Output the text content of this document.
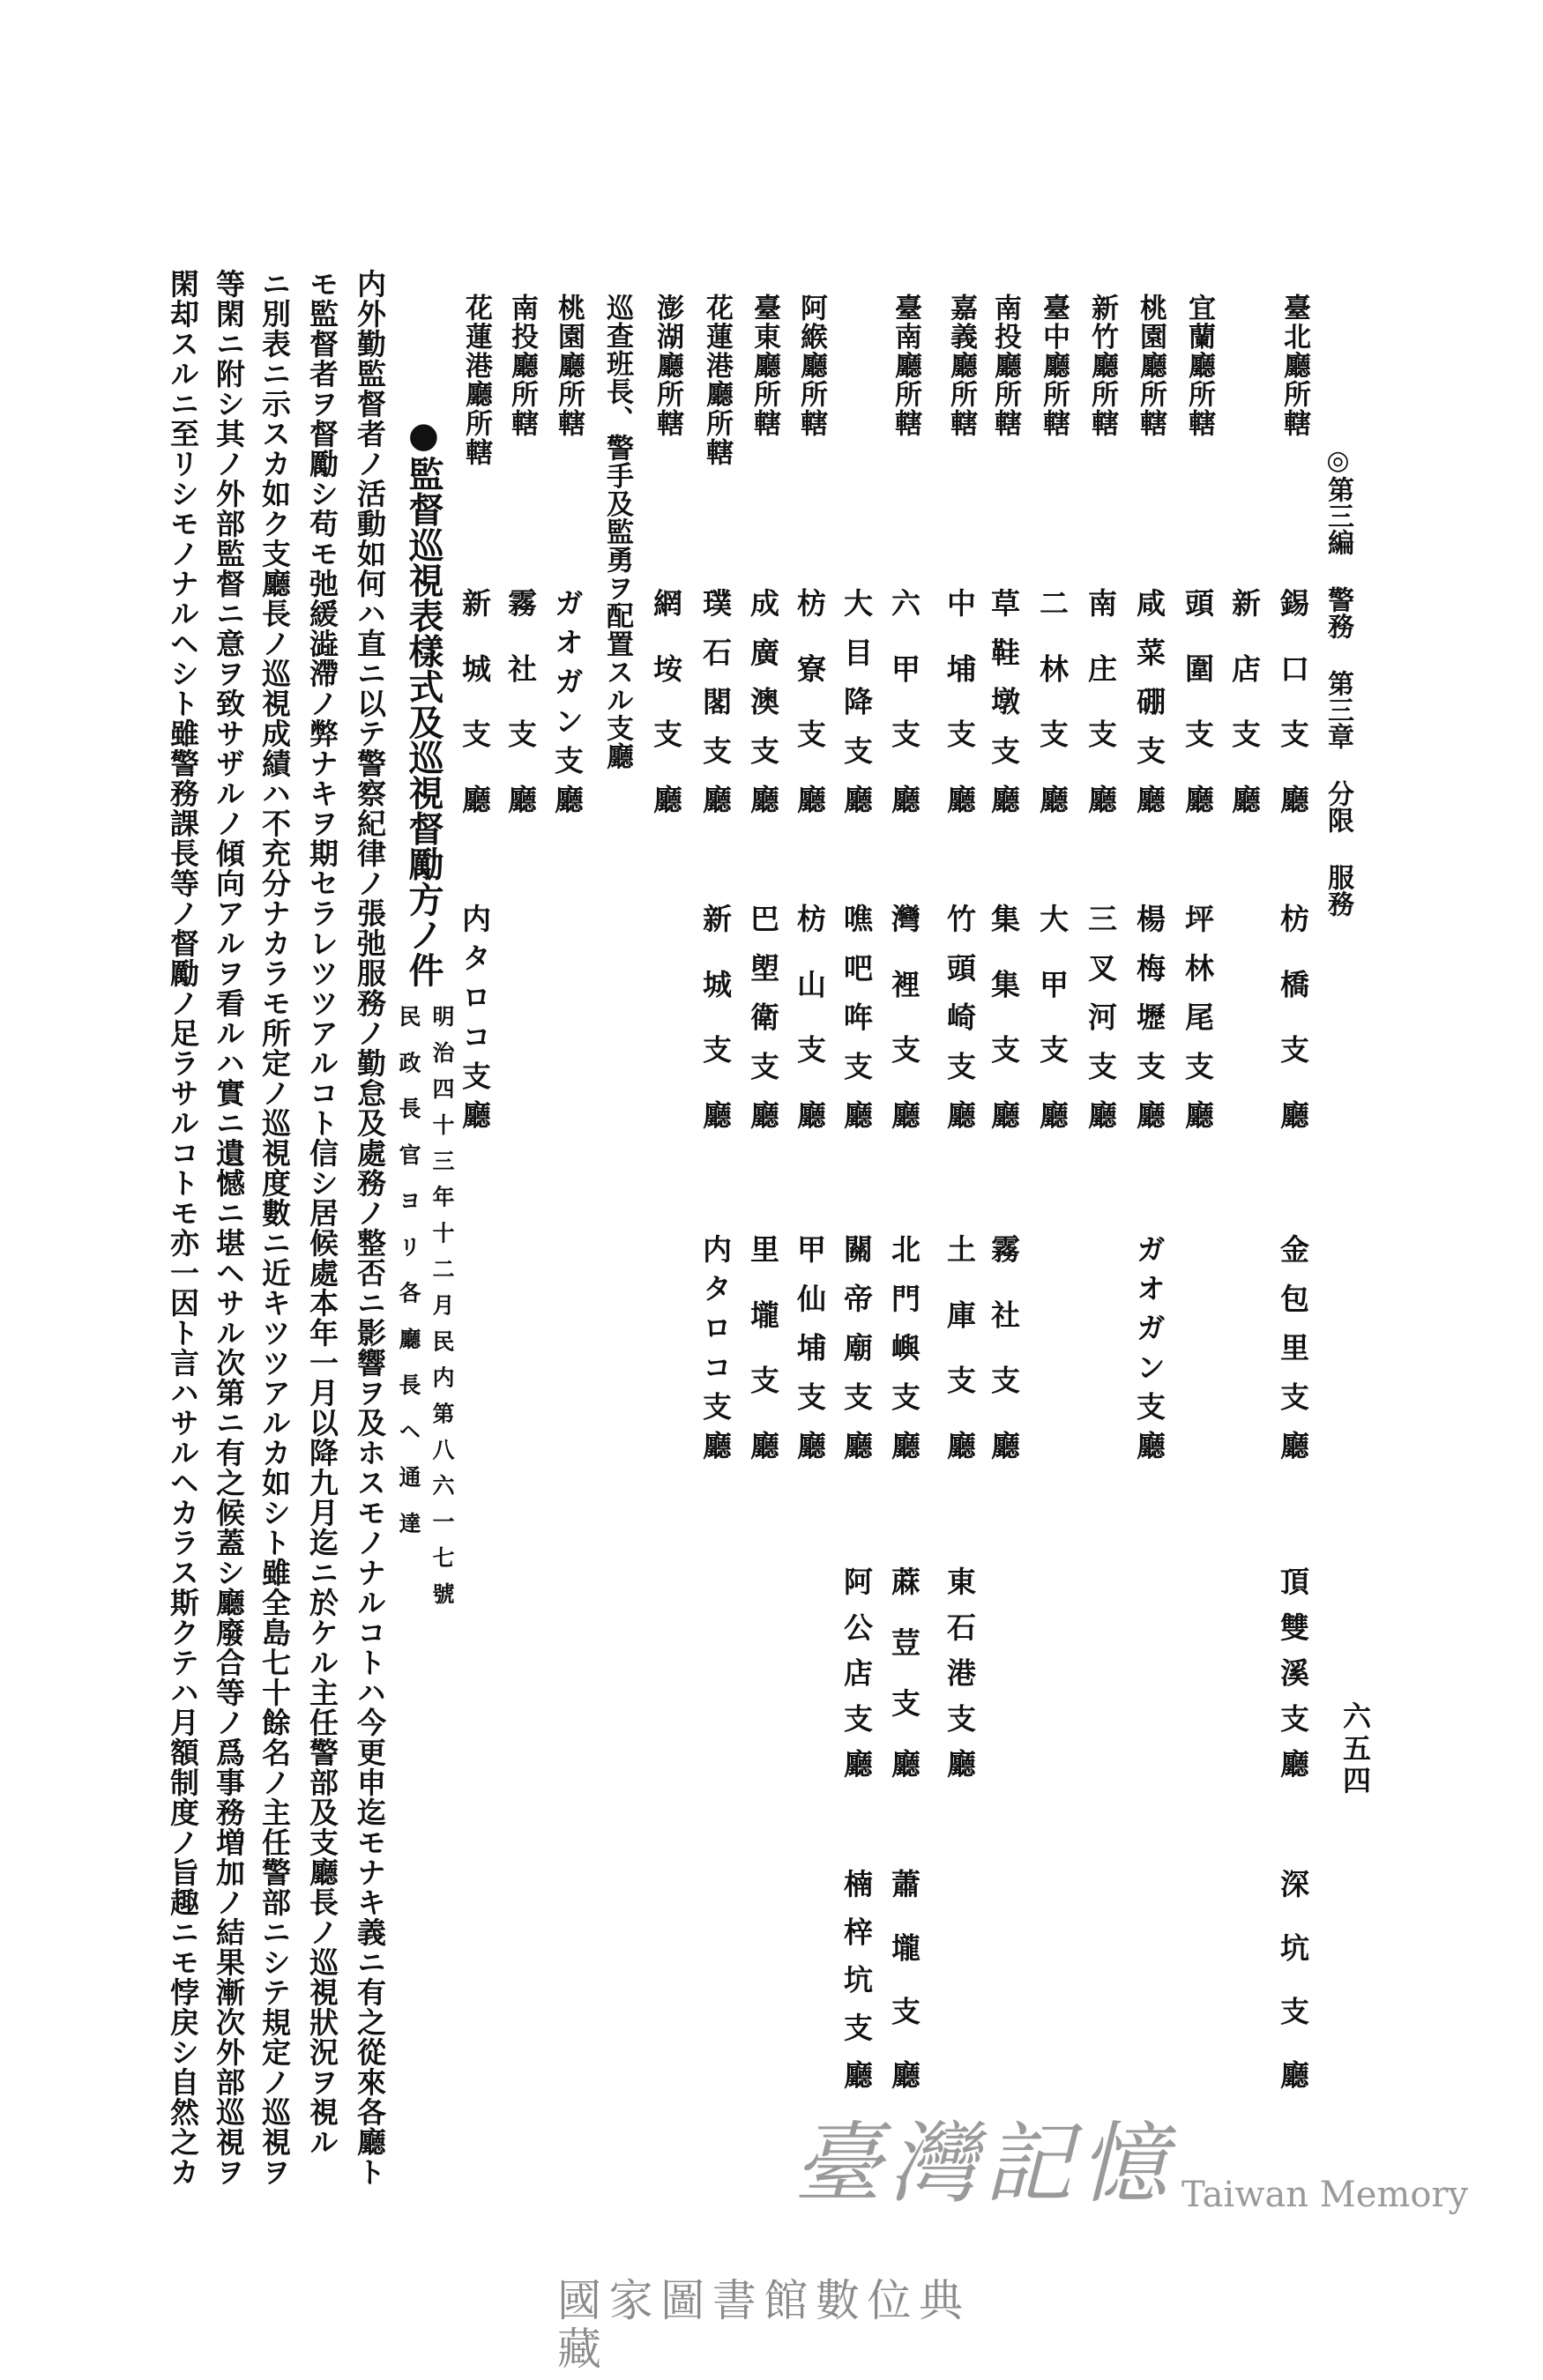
六五四
◎第三編 警務 第三章 分限 服務
臺北廳所轄
錫口支廳
枋橋支廳
金包里支廳
頂雙溪支廳
深坑支廳
新店支廳
宜蘭廳所轄
頭圍支廳
坪林尾支廳
桃園廳所轄
咸菜硼支廳
楊梅壢支廳
ガオガン支廳
新竹廳所轄
南庄支廳
三叉河支廳
臺中廳所轄
二林支廳
大甲支廳
南投廳所轄
草鞋墩支廳
集集支廳
霧社支廳
嘉義廳所轄
中埔支廳
竹頭崎支廳
土庫支廳
東石港支廳
臺南廳所轄
六甲支廳
灣裡支廳
北門嶼支廳
蔴荳支廳
蕭壠支廳
大目降支廳
噍吧哖支廳
關帝廟支廳
阿公店支廳
楠梓坑支廳
阿緱廳所轄
枋寮支廳
枋山支廳
甲仙埔支廳
臺東廳所轄
成廣澳支廳
巴塱衛支廳
里壠支廳
花蓮港廳所轄
璞石閣支廳
新城支廳
内タロコ支廳
澎湖廳所轄
網垵支廳
巡查班長、警手及監勇ヲ配置スル支廳
桃園廳所轄
ガオガン支廳
南投廳所轄
霧社支廳
花蓮港廳所轄
新城支廳
内タロコ支廳
●監督巡視表樣式及巡視督勵方ノ件
明治四十三年十二月民内第八六一七號
民政長官ヨリ各廳長ヘ通達
内外勤監督者ノ活動如何ハ直ニ以テ警察紀律ノ張弛服務ノ勤怠及處務ノ整否ニ影響ヲ及ホスモノナルコトハ今更申迄モナキ義ニ有之從來各廳ト
モ監督者ヲ督勵シ苟モ弛緩澁滯ノ弊ナキヲ期セラレツツアルコト信シ居候處本年一月以降九月迄ニ於ケル主任警部及支廳長ノ巡視狀況ヲ視ル
ニ別表ニ示スカ如ク支廳長ノ巡視成績ハ不充分ナカラモ所定ノ巡視度數ニ近キツツアルカ如シト雖全島七十餘名ノ主任警部ニシテ規定ノ巡視ヲ
等閑ニ附シ其ノ外部監督ニ意ヲ致サザルノ傾向アルヲ看ルハ實ニ遺憾ニ堪ヘサル次第ニ有之候蓋シ廳廢合等ノ爲事務増加ノ結果漸次外部巡視ヲ
閑却スルニ至リシモノナルヘシト雖警務課長等ノ督勵ノ足ラサルコトモ亦一因ト言ハサルヘカラス斯クテハ月額制度ノ旨趣ニモ悖戻シ自然之カ	臺灣記憶 Taiwan Memory
國家圖書館數位典藏
